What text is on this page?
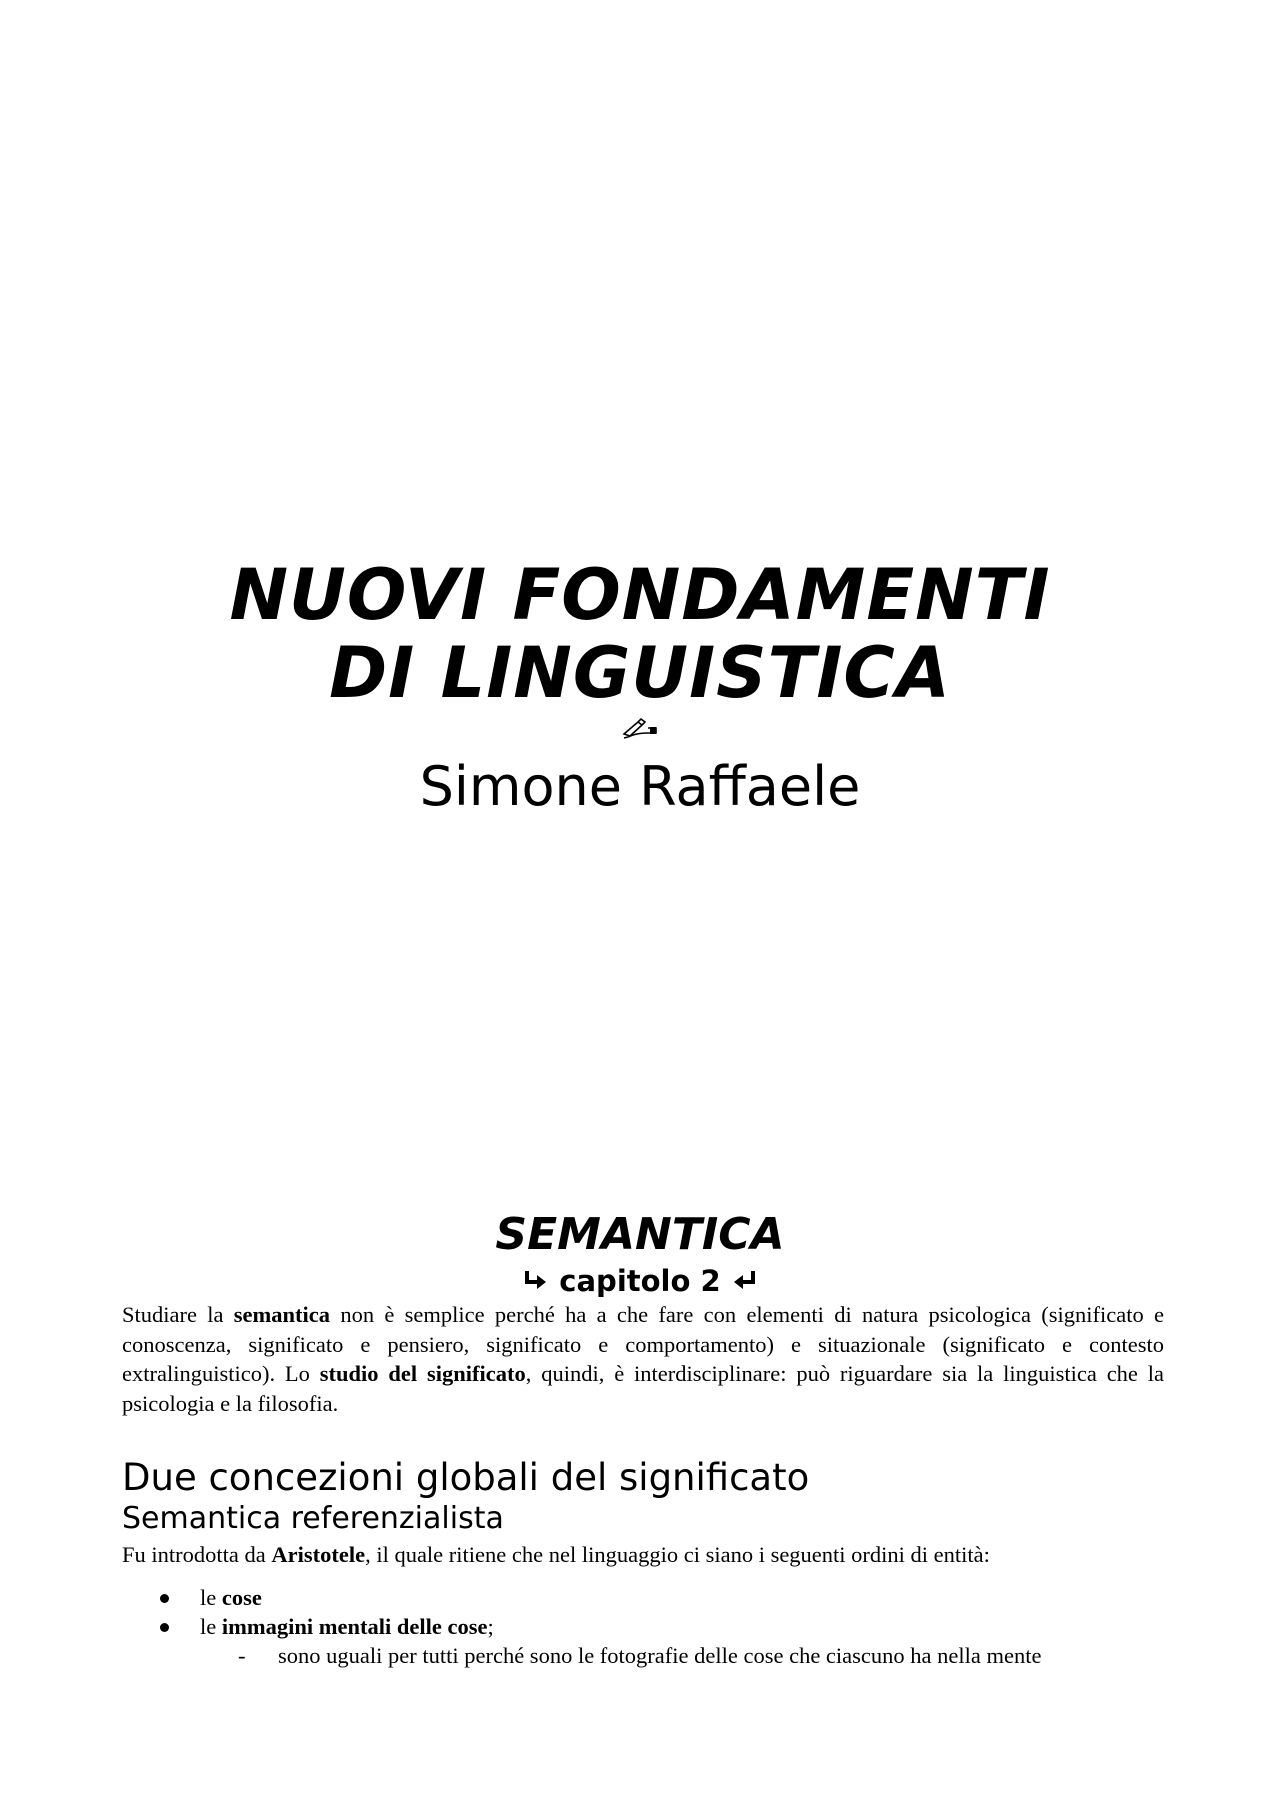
NUOVI FONDAMENTI
DI LINGUISTICA
Simone Raffaele
SEMANTICA
capitolo 2
Studiare la semantica non è semplice perché ha a che fare con elementi di natura psicologica (significato e conoscenza, significato e pensiero, significato e comportamento) e situazionale (significato e contesto extralinguistico). Lo studio del significato, quindi, è interdisciplinare: può riguardare sia la linguistica che la psicologia e la filosofia.
Due concezioni globali del significato
Semantica referenzialista
Fu introdotta da Aristotele, il quale ritiene che nel linguaggio ci siano i seguenti ordini di entità:
le cose
le immagini mentali delle cose;
- sono uguali per tutti perché sono le fotografie delle cose che ciascuno ha nella mente
